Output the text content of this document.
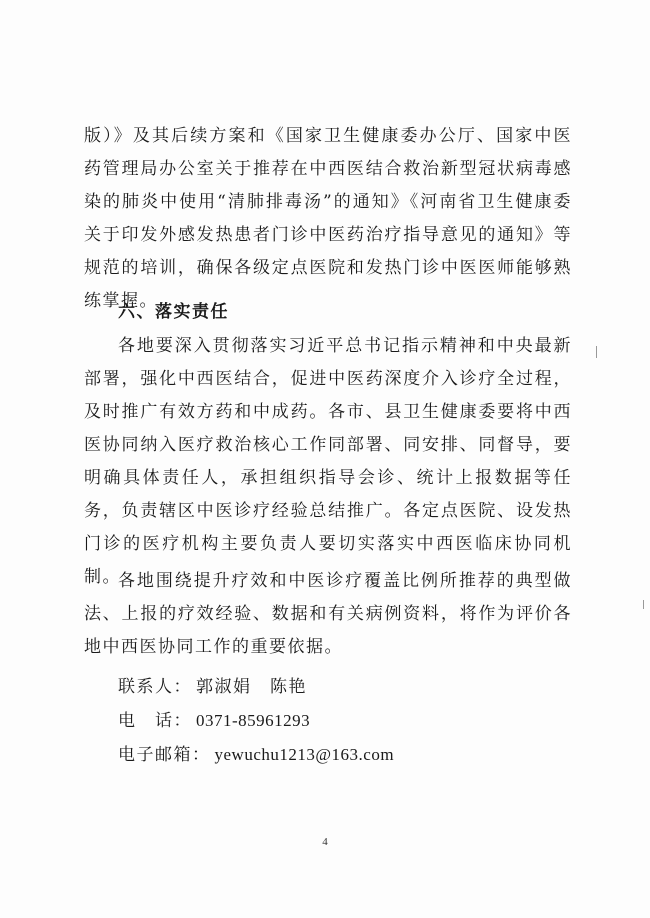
版）》及其后续方案和《国家卫生健康委办公厅、国家中医药管理局办公室关于推荐在中西医结合救治新型冠状病毒感染的肺炎中使用“清肺排毒汤”的通知》《河南省卫生健康委关于印发外感发热患者门诊中医药治疗指导意见的通知》等规范的培训，确保各级定点医院和发热门诊中医医师能够熟练掌握。

六、落实责任

各地要深入贯彻落实习近平总书记指示精神和中央最新部署，强化中西医结合，促进中医药深度介入诊疗全过程，及时推广有效方药和中成药。各市、县卫生健康委要将中西医协同纳入医疗救治核心工作同部署、同安排、同督导，要明确具体责任人，承担组织指导会诊、统计上报数据等任务，负责辖区中医诊疗经验总结推广。各定点医院、设发热门诊的医疗机构主要负责人要切实落实中西医临床协同机制。

各地围绕提升疗效和中医诊疗覆盖比例所推荐的典型做法、上报的疗效经验、数据和有关病例资料，将作为评价各地中西医协同工作的重要依据。

联系人： 郭淑娟　陈艳

电　话： 0371-85961293

电子邮箱： yewuchu1213@163.com

4
